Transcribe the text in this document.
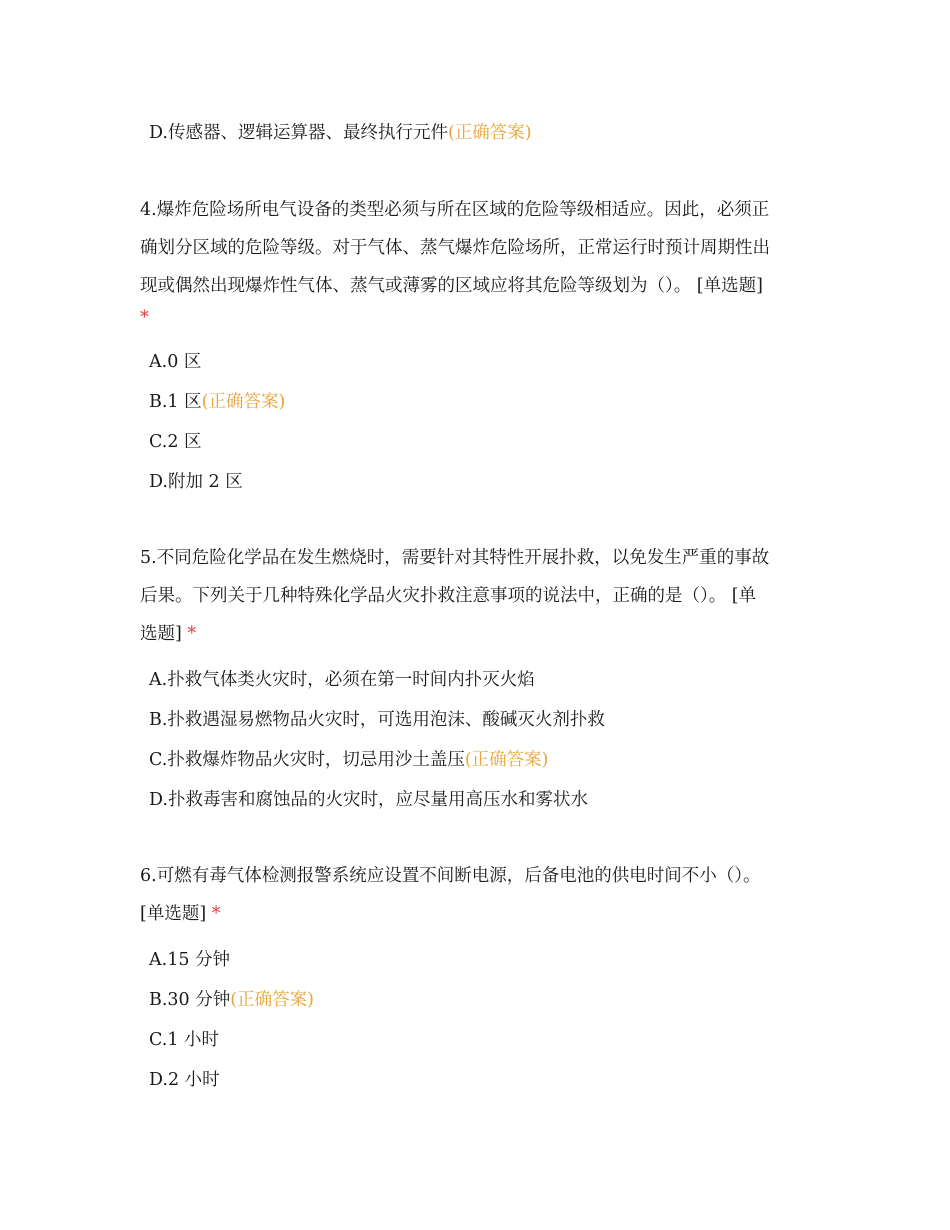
D.传感器、逻辑运算器、最终执行元件(正确答案)
4.爆炸危险场所电气设备的类型必须与所在区域的危险等级相适应。因此，必须正
确划分区域的危险等级。对于气体、蒸气爆炸危险场所，正常运行时预计周期性出
现或偶然出现爆炸性气体、蒸气或薄雾的区域应将其危险等级划为（）。 [单选题]
*
A.0 区
B.1 区(正确答案)
C.2 区
D.附加 2 区
5.不同危险化学品在发生燃烧时，需要针对其特性开展扑救，以免发生严重的事故
后果。下列关于几种特殊化学品火灾扑救注意事项的说法中，正确的是（）。 [单
选题] *
A.扑救气体类火灾时，必须在第一时间内扑灭火焰
B.扑救遇湿易燃物品火灾时，可选用泡沫、酸碱灭火剂扑救
C.扑救爆炸物品火灾时，切忌用沙土盖压(正确答案)
D.扑救毒害和腐蚀品的火灾时，应尽量用高压水和雾状水
6.可燃有毒气体检测报警系统应设置不间断电源，后备电池的供电时间不小（）。
[单选题] *
A.15 分钟
B.30 分钟(正确答案)
C.1 小时
D.2 小时
